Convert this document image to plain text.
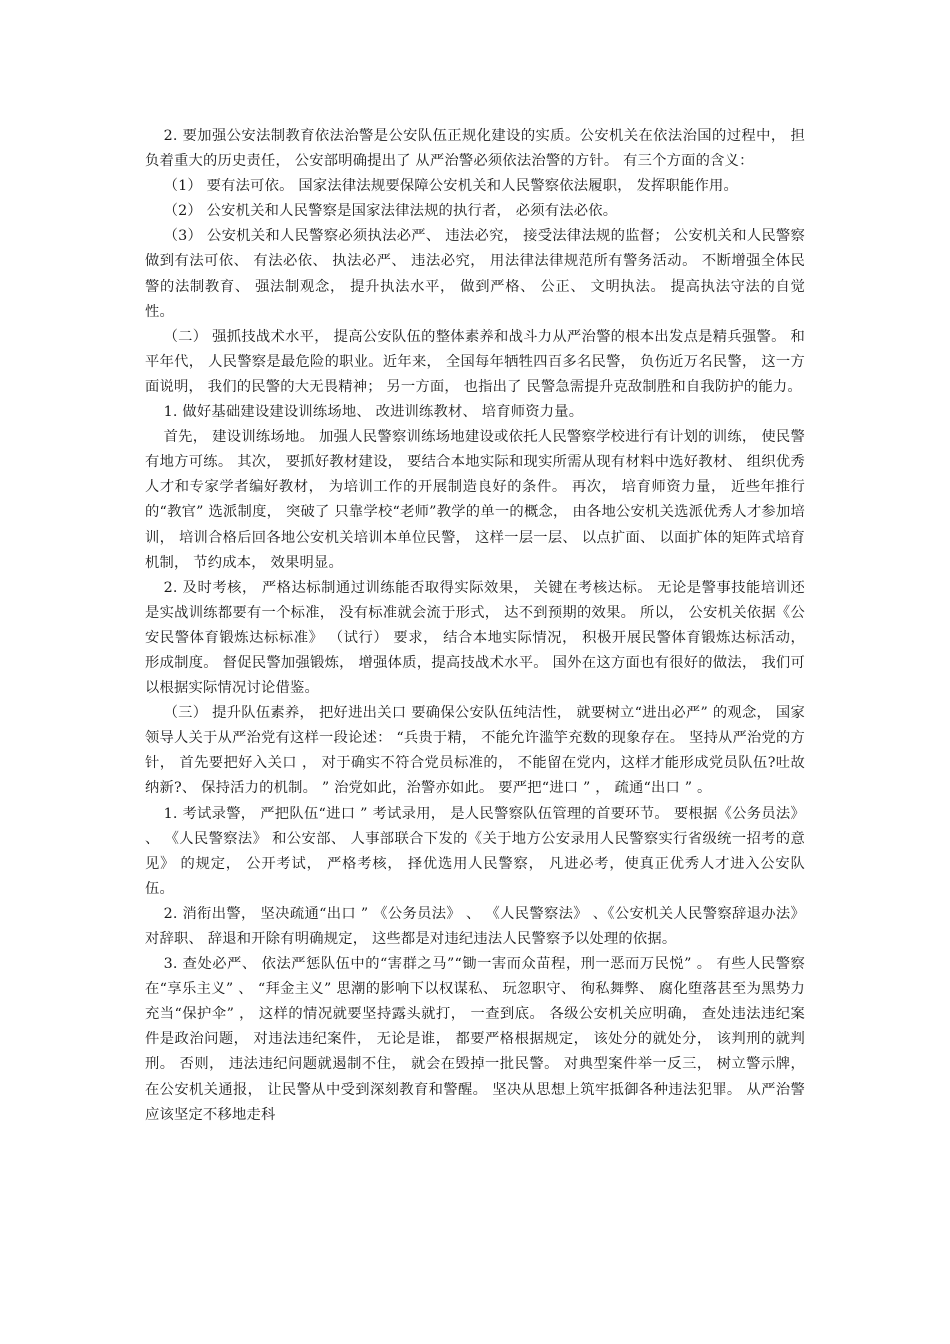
2. 要加强公安法制教育依法治警是公安队伍正规化建设的实质。公安机关在依法治国的过程中， 担负着重大的历史责任， 公安部明确提出了 从严治警必须依法治警的方针。 有三个方面的含义：

（1） 要有法可依。 国家法律法规要保障公安机关和人民警察依法履职， 发挥职能作用。

（2） 公安机关和人民警察是国家法律法规的执行者， 必须有法必依。

（3） 公安机关和人民警察必须执法必严、 违法必究， 接受法律法规的监督； 公安机关和人民警察做到有法可依、 有法必依、 执法必严、 违法必究， 用法律法律规范所有警务活动。 不断增强全体民警的法制教育、 强法制观念， 提升执法水平， 做到严格、 公正、 文明执法。 提高执法守法的自觉性。

（二） 强抓技战术水平， 提高公安队伍的整体素养和战斗力从严治警的根本出发点是精兵强警。 和平年代， 人民警察是最危险的职业。近年来， 全国每年牺牲四百多名民警， 负伤近万名民警， 这一方面说明， 我们的民警的大无畏精神； 另一方面， 也指出了 民警急需提升克敌制胜和自我防护的能力。

1. 做好基础建设建设训练场地、 改进训练教材、 培育师资力量。

首先， 建设训练场地。 加强人民警察训练场地建设或依托人民警察学校进行有计划的训练， 使民警有地方可练。 其次， 要抓好教材建设， 要结合本地实际和现实所需从现有材料中选好教材、 组织优秀人才和专家学者编好教材， 为培训工作的开展制造良好的条件。 再次， 培育师资力量， 近些年推行的“教官” 选派制度， 突破了 只靠学校“老师”教学的单一的概念， 由各地公安机关选派优秀人才参加培训， 培训合格后回各地公安机关培训本单位民警， 这样一层一层、 以点扩面、 以面扩体的矩阵式培育机制， 节约成本， 效果明显。

2. 及时考核， 严格达标制通过训练能否取得实际效果， 关键在考核达标。 无论是警事技能培训还是实战训练都要有一个标准， 没有标准就会流于形式， 达不到预期的效果。 所以， 公安机关依据《公安民警体育锻炼达标标准》 （试行） 要求， 结合本地实际情况， 积极开展民警体育锻炼达标活动， 形成制度。 督促民警加强锻炼， 增强体质，提高技战术水平。 国外在这方面也有很好的做法， 我们可以根据实际情况讨论借鉴。

（三） 提升队伍素养， 把好进出关口 要确保公安队伍纯洁性， 就要树立“进出必严” 的观念， 国家领导人关于从严治党有这样一段论述： “兵贵于精， 不能允许滥竽充数的现象存在。 坚持从严治党的方针， 首先要把好入关口 ， 对于确实不符合党员标准的， 不能留在党内，这样才能形成党员队伍?吐故纳新?、 保持活力的机制。 ” 治党如此，治警亦如此。 要严把“进口 ” ， 疏通“出口 ” 。

1. 考试录警， 严把队伍“进口 ” 考试录用， 是人民警察队伍管理的首要环节。 要根据《公务员法》 、 《人民警察法》 和公安部、 人事部联合下发的《关于地方公安录用人民警察实行省级统一招考的意见》 的规定， 公开考试， 严格考核， 择优选用人民警察， 凡进必考，使真正优秀人才进入公安队伍。

2. 消衔出警， 坚决疏通“出口 ” 《公务员法》 、 《人民警察法》 、《公安机关人民警察辞退办法》 对辞职、 辞退和开除有明确规定， 这些都是对违纪违法人民警察予以处理的依据。

3. 查处必严、 依法严惩队伍中的“害群之马”“锄一害而众苗程，刑一恶而万民悦” 。 有些人民警察在“享乐主义” 、 “拜金主义” 思潮的影响下以权谋私、 玩忽职守、 徇私舞弊、 腐化堕落甚至为黑势力充当“保护伞” ， 这样的情况就要坚持露头就打， 一查到底。 各级公安机关应明确， 查处违法违纪案件是政治问题， 对违法违纪案件， 无论是谁， 都要严格根据规定， 该处分的就处分， 该判刑的就判刑。 否则， 违法违纪问题就遏制不住， 就会在毁掉一批民警。 对典型案件举一反三， 树立警示牌， 在公安机关通报， 让民警从中受到深刻教育和警醒。 坚决从思想上筑牢抵御各种违法犯罪。 从严治警应该坚定不移地走科
